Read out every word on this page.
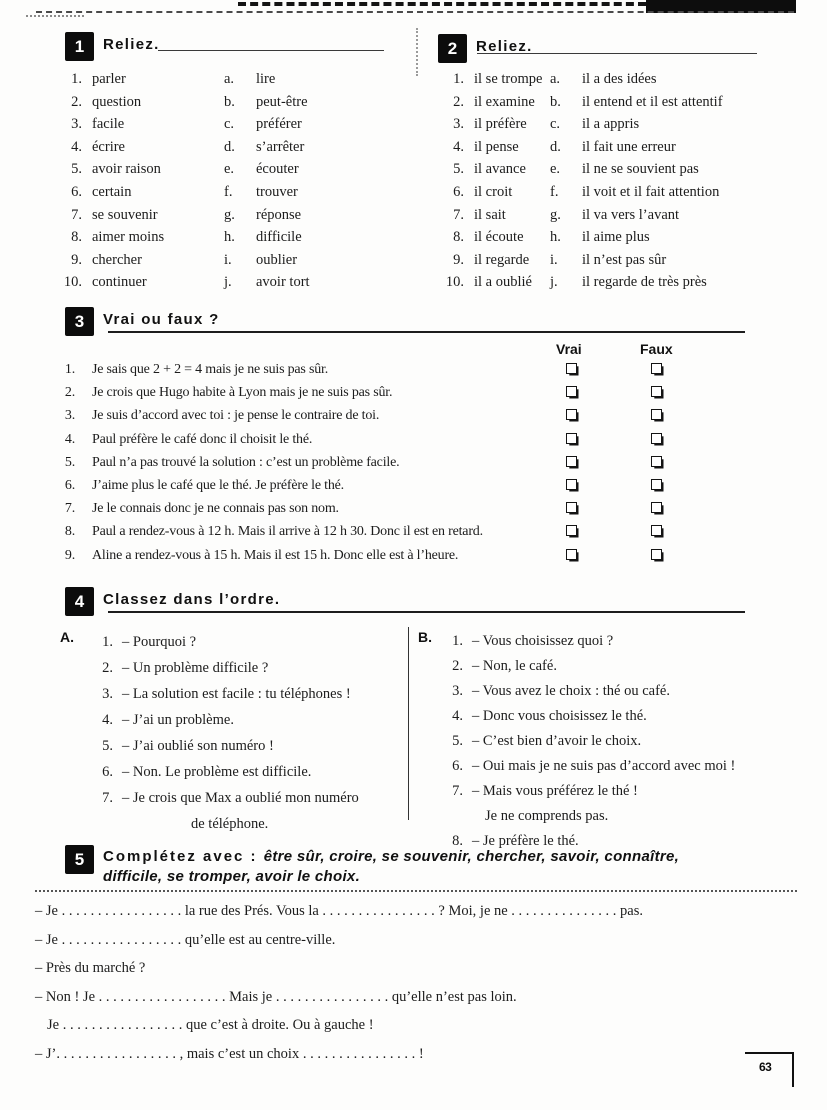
1	Reliez.
1. parler	a.	lire
2. question	b.	peut-être
3. facile	c.	préférer
4. écrire	d.	s’arrêter
5. avoir raison	e.	écouter
6. certain	f.	trouver
7. se souvenir	g.	réponse
8. aimer moins	h.	difficile
9. chercher	i.	oublier
10. continuer	j.	avoir tort
2	Reliez.
1. il se trompe a.	il a des idées
2. il examine	b.	il entend et il est attentif
3. il préfère	c.	il a appris
4. il pense	d.	il fait une erreur
5. il avance	e.	il ne se souvient pas
6. il croit	f.	il voit et il fait attention
7. il sait	g.	il va vers l’avant
8. il écoute	h.	il aime plus
9. il regarde	i.	il n’est pas sûr
10. il a oublié	j.	il regarde de très près
3	Vrai ou faux ?
Vrai	Faux
1. Je sais que 2 + 2 = 4 mais je ne suis pas sûr.
2. Je crois que Hugo habite à Lyon mais je ne suis pas sûr.
3. Je suis d’accord avec toi : je pense le contraire de toi.
4. Paul préfère le café donc il choisit le thé.
5. Paul n’a pas trouvé la solution : c’est un problème facile.
6. J’aime plus le café que le thé. Je préfère le thé.
7. Je le connais donc je ne connais pas son nom.
8. Paul a rendez-vous à 12 h. Mais il arrive à 12 h 30. Donc il est en retard.
9. Aline a rendez-vous à 15 h. Mais il est 15 h. Donc elle est à l’heure.
4	Classez dans l’ordre.
A.	1. – Pourquoi ?
2. – Un problème difficile ?
3. – La solution est facile : tu téléphones !
4. – J’ai un problème.
5. – J’ai oublié son numéro !
6. – Non. Le problème est difficile.
7. – Je crois que Max a oublié mon numéro
de téléphone.
B.	1. – Vous choisissez quoi ?
2. – Non, le café.
3. – Vous avez le choix : thé ou café.
4. – Donc vous choisissez le thé.
5. – C’est bien d’avoir le choix.
6. – Oui mais je ne suis pas d’accord avec moi !
7. – Mais vous préférez le thé !
Je ne comprends pas.
8. – Je préfère le thé.
5	Complétez avec : être sûr, croire, se souvenir, chercher, savoir, connaître,
difficile, se tromper, avoir le choix.
– Je . . . . . . . . . . . . . . . . . la rue des Prés. Vous la . . . . . . . . . . . . . . . . ? Moi, je ne . . . . . . . . . . . . . . . pas.
– Je . . . . . . . . . . . . . . . . . qu’elle est au centre-ville.
– Près du marché ?
– Non ! Je . . . . . . . . . . . . . . . . . . Mais je . . . . . . . . . . . . . . . . qu’elle n’est pas loin.
Je . . . . . . . . . . . . . . . . . que c’est à droite. Ou à gauche !
– J’. . . . . . . . . . . . . . . . . , mais c’est un choix . . . . . . . . . . . . . . . . !
63
